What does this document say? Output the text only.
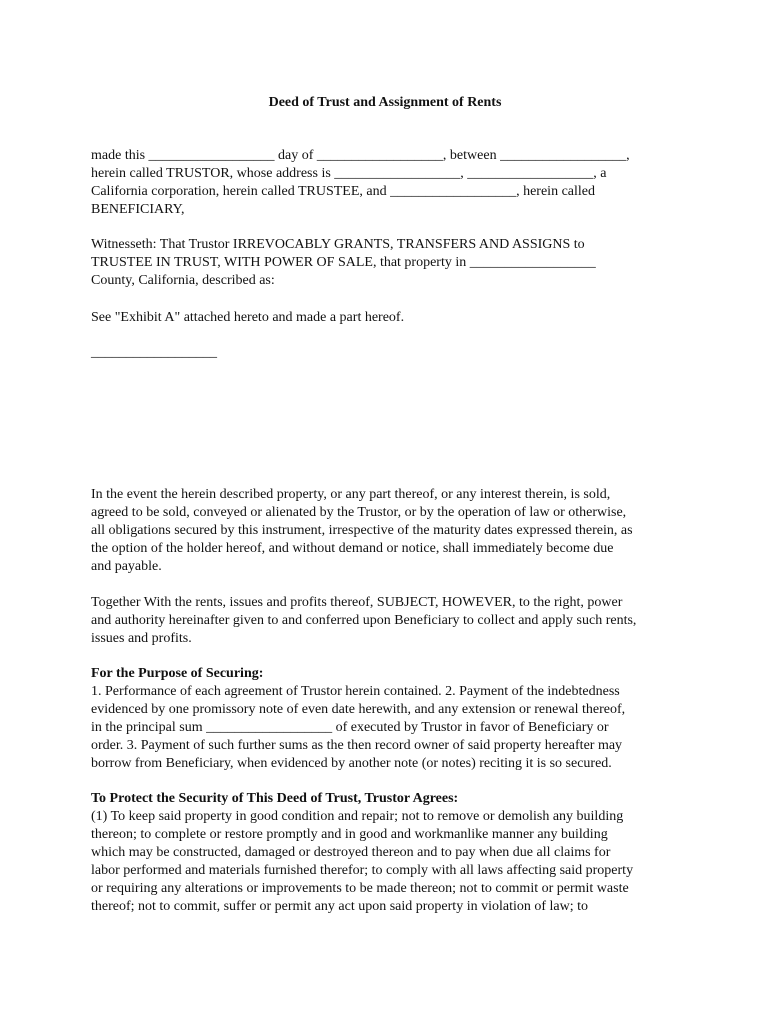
Deed of Trust and Assignment of Rents
made this __________________ day of __________________, between __________________,
herein called TRUSTOR, whose address is __________________, __________________, a
California corporation, herein called TRUSTEE, and __________________, herein called
BENEFICIARY,
Witnesseth: That Trustor IRREVOCABLY GRANTS, TRANSFERS AND ASSIGNS to
TRUSTEE IN TRUST, WITH POWER OF SALE, that property in __________________
County, California, described as:
See "Exhibit A" attached hereto and made a part hereof.
__________________
In the event the herein described property, or any part thereof, or any interest therein, is sold,
agreed to be sold, conveyed or alienated by the Trustor, or by the operation of law or otherwise,
all obligations secured by this instrument, irrespective of the maturity dates expressed therein, as
the option of the holder hereof, and without demand or notice, shall immediately become due
and payable.
Together With the rents, issues and profits thereof, SUBJECT, HOWEVER, to the right, power
and authority hereinafter given to and conferred upon Beneficiary to collect and apply such rents,
issues and profits.
For the Purpose of Securing:
1. Performance of each agreement of Trustor herein contained. 2. Payment of the indebtedness
evidenced by one promissory note of even date herewith, and any extension or renewal thereof,
in the principal sum __________________ of executed by Trustor in favor of Beneficiary or
order. 3. Payment of such further sums as the then record owner of said property hereafter may
borrow from Beneficiary, when evidenced by another note (or notes) reciting it is so secured.
To Protect the Security of This Deed of Trust, Trustor Agrees:
(1) To keep said property in good condition and repair; not to remove or demolish any building
thereon; to complete or restore promptly and in good and workmanlike manner any building
which may be constructed, damaged or destroyed thereon and to pay when due all claims for
labor performed and materials furnished therefor; to comply with all laws affecting said property
or requiring any alterations or improvements to be made thereon; not to commit or permit waste
thereof; not to commit, suffer or permit any act upon said property in violation of law; to
